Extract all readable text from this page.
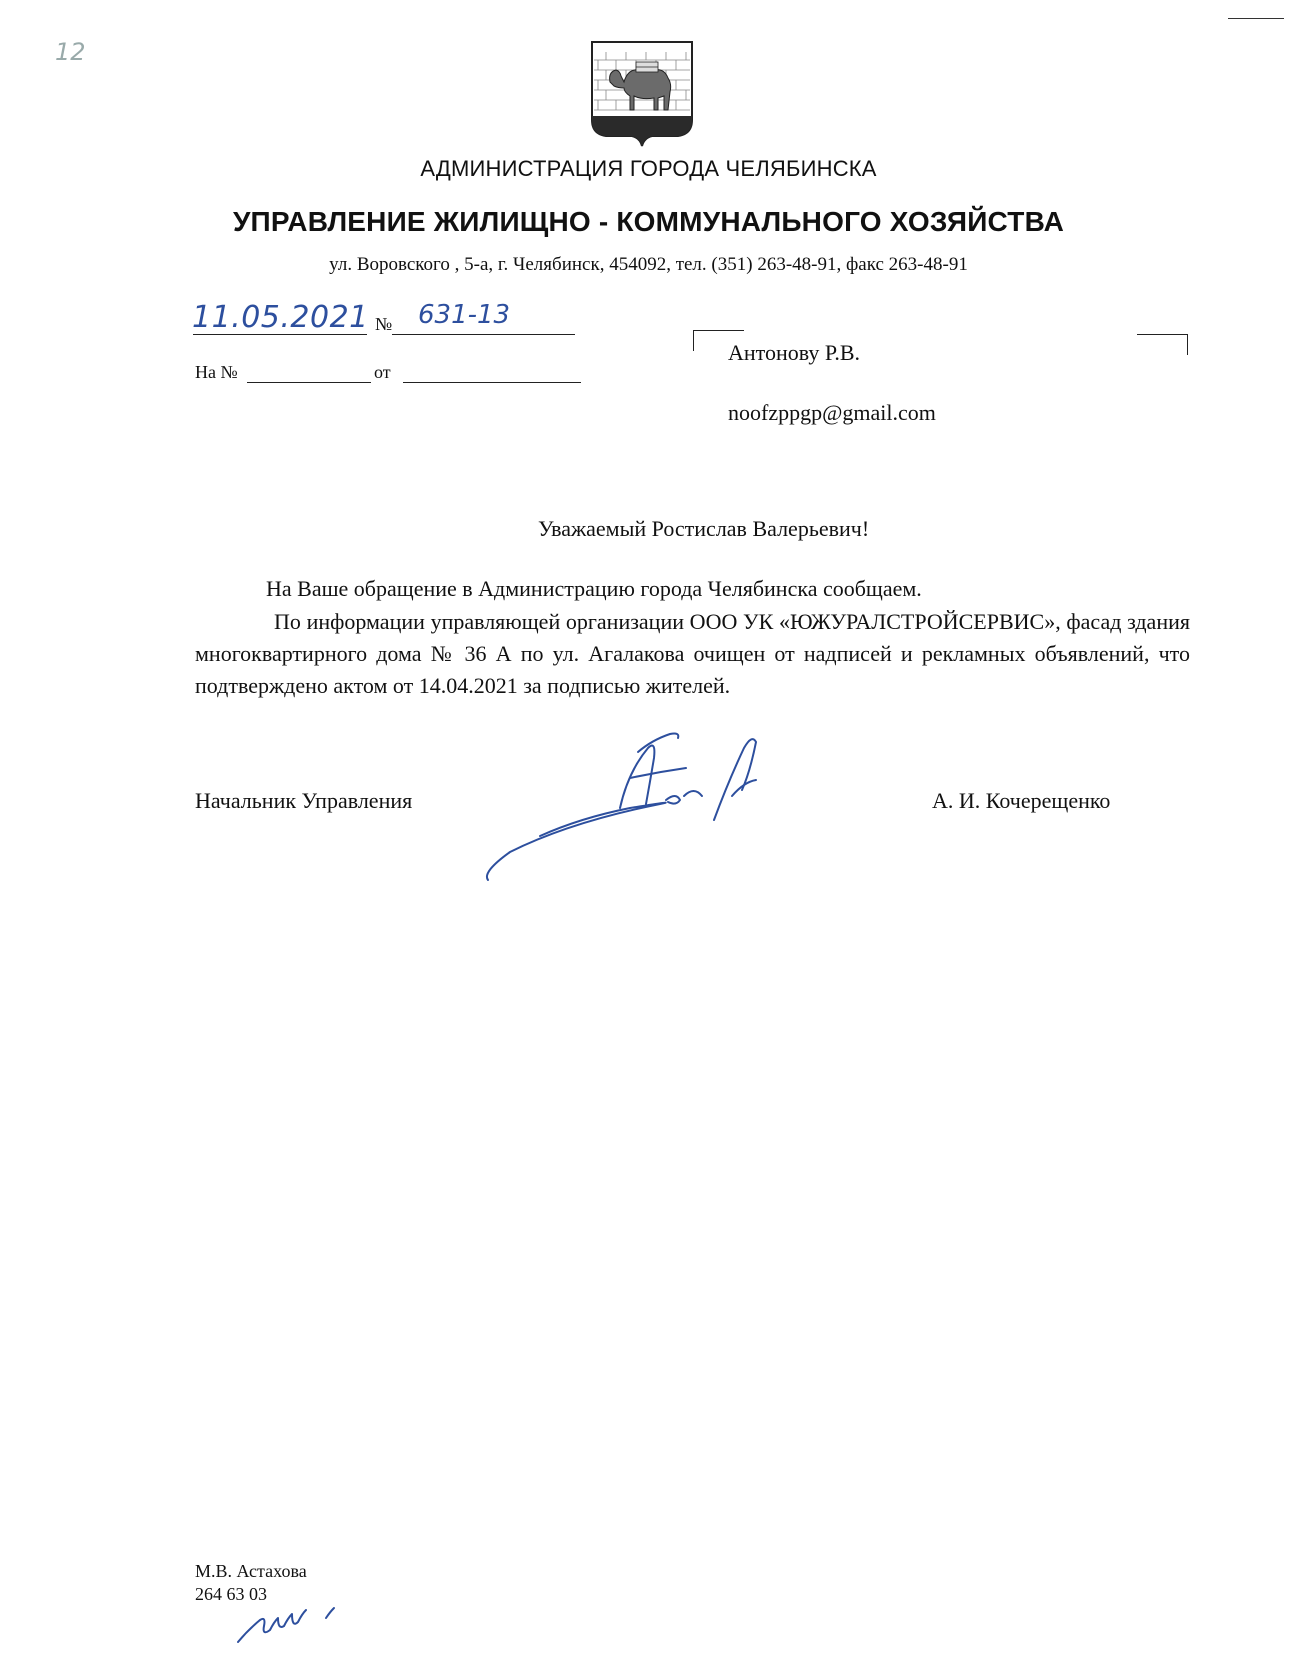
12
АДМИНИСТРАЦИЯ ГОРОДА ЧЕЛЯБИНСКА
УПРАВЛЕНИЕ ЖИЛИЩНО - КОММУНАЛЬНОГО ХОЗЯЙСТВА
ул. Воровского , 5-а, г. Челябинск, 454092, тел. (351) 263-48-91, факс 263-48-91
11.05.2021 № 631-13
На №	от
Антонову Р.В.
noofzppgp@gmail.com
Уважаемый Ростислав Валерьевич!
На Ваше обращение в Администрацию города Челябинска сообщаем.
По информации управляющей организации ООО УК «ЮЖУРАЛСТРОЙСЕРВИС», фасад здания многоквартирного дома № 36 А по ул. Агалакова очищен от надписей и рекламных объявлений, что подтверждено актом от 14.04.2021 за подписью жителей.
Начальник Управления	А. И. Кочерещенко
М.В. Астахова
264 63 03
